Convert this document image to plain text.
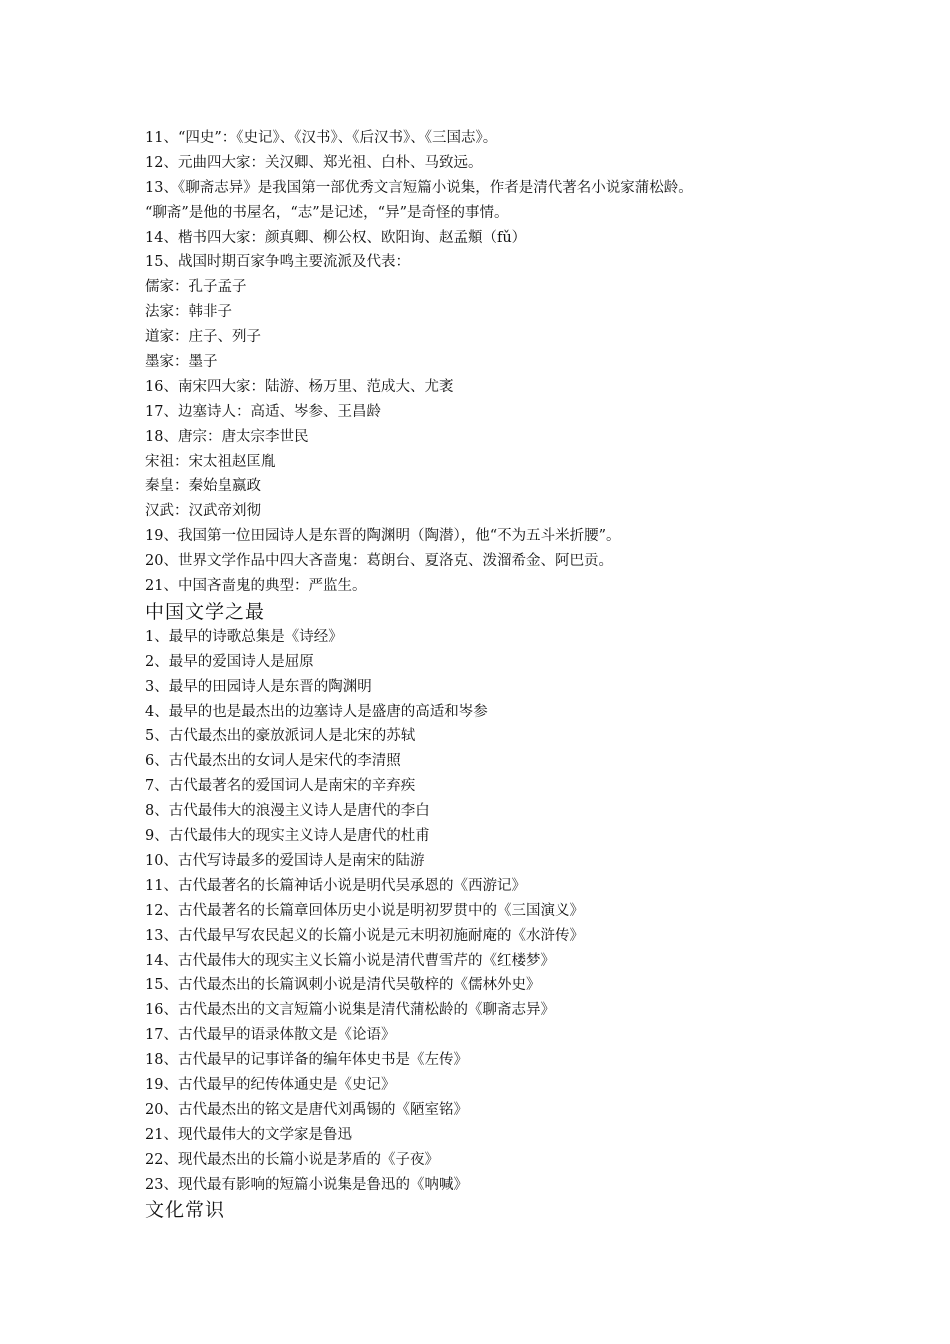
11、“四史”：《史记》、《汉书》、《后汉书》、《三国志》。
12、元曲四大家：关汉卿、郑光祖、白朴、马致远。
13、《聊斋志异》是我国第一部优秀文言短篇小说集，作者是清代著名小说家蒲松龄。
“聊斋”是他的书屋名，“志”是记述，“异”是奇怪的事情。
14、楷书四大家：颜真卿、柳公权、欧阳询、赵孟頫（fǔ）
15、战国时期百家争鸣主要流派及代表：
儒家：孔子孟子
法家：韩非子
道家：庄子、列子
墨家：墨子
16、南宋四大家：陆游、杨万里、范成大、尤袤
17、边塞诗人：高适、岑参、王昌龄
18、唐宗：唐太宗李世民
宋祖：宋太祖赵匡胤
秦皇：秦始皇嬴政
汉武：汉武帝刘彻
19、我国第一位田园诗人是东晋的陶渊明（陶潜），他“不为五斗米折腰”。
20、世界文学作品中四大吝啬鬼：葛朗台、夏洛克、泼溜希金、阿巴贡。
21、中国吝啬鬼的典型：严监生。
中国文学之最
1、最早的诗歌总集是《诗经》
2、最早的爱国诗人是屈原
3、最早的田园诗人是东晋的陶渊明
4、最早的也是最杰出的边塞诗人是盛唐的高适和岑参
5、古代最杰出的豪放派词人是北宋的苏轼
6、古代最杰出的女词人是宋代的李清照
7、古代最著名的爱国词人是南宋的辛弃疾
8、古代最伟大的浪漫主义诗人是唐代的李白
9、古代最伟大的现实主义诗人是唐代的杜甫
10、古代写诗最多的爱国诗人是南宋的陆游
11、古代最著名的长篇神话小说是明代吴承恩的《西游记》
12、古代最著名的长篇章回体历史小说是明初罗贯中的《三国演义》
13、古代最早写农民起义的长篇小说是元末明初施耐庵的《水浒传》
14、古代最伟大的现实主义长篇小说是清代曹雪芹的《红楼梦》
15、古代最杰出的长篇讽刺小说是清代吴敬梓的《儒林外史》
16、古代最杰出的文言短篇小说集是清代蒲松龄的《聊斋志异》
17、古代最早的语录体散文是《论语》
18、古代最早的记事详备的编年体史书是《左传》
19、古代最早的纪传体通史是《史记》
20、古代最杰出的铭文是唐代刘禹锡的《陋室铭》
21、现代最伟大的文学家是鲁迅
22、现代最杰出的长篇小说是茅盾的《子夜》
23、现代最有影响的短篇小说集是鲁迅的《呐喊》
文化常识
